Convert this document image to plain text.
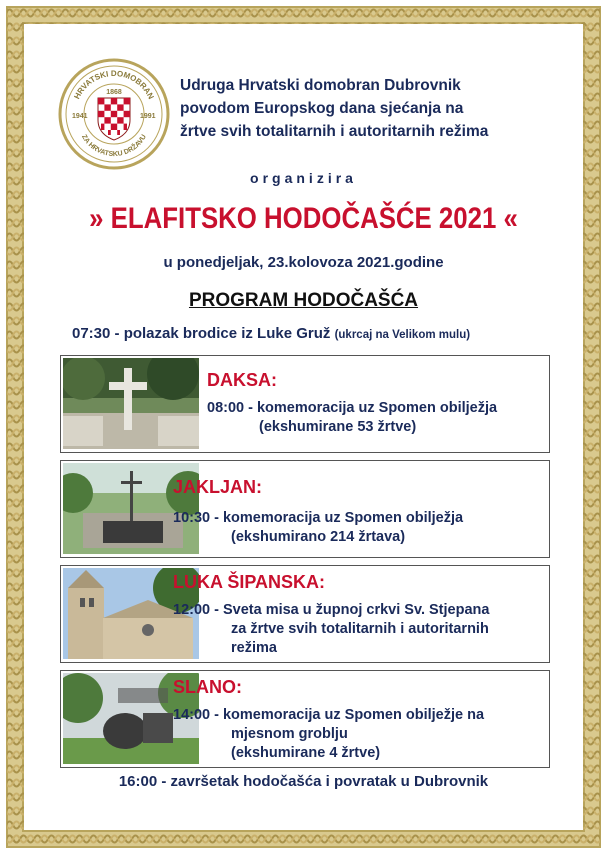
HRVATSKI DOMOBRAN
ZA HRVATSKU DRŽAVU
1868
1941	1991
Udruga Hrvatski domobran Dubrovnik
povodom Europskog dana sjećanja na
žrtve svih totalitarnih i autoritarnih režima
organizira
» ELAFITSKO HODOČAŠĆE 2021 «
u ponedjeljak, 23.kolovoza 2021.godine
PROGRAM HODOČAŠĆA
07:30 - polazak brodice iz Luke Gruž (ukrcaj na Velikom mulu)
DAKSA:
08:00 - komemoracija uz Spomen obilježja
(ekshumirane 53 žrtve)
JAKLJAN:
10:30 - komemoracija uz Spomen obilježja
(ekshumirano 214 žrtava)
LUKA ŠIPANSKA:
12:00 - Sveta misa u župnoj crkvi Sv. Stjepana
za žrtve svih totalitarnih i autoritarnih
režima
SLANO:
14:00 - komemoracija uz Spomen obilježje na
mjesnom groblju
(ekshumirane 4 žrtve)
16:00 - završetak hodočašća i povratak u Dubrovnik
